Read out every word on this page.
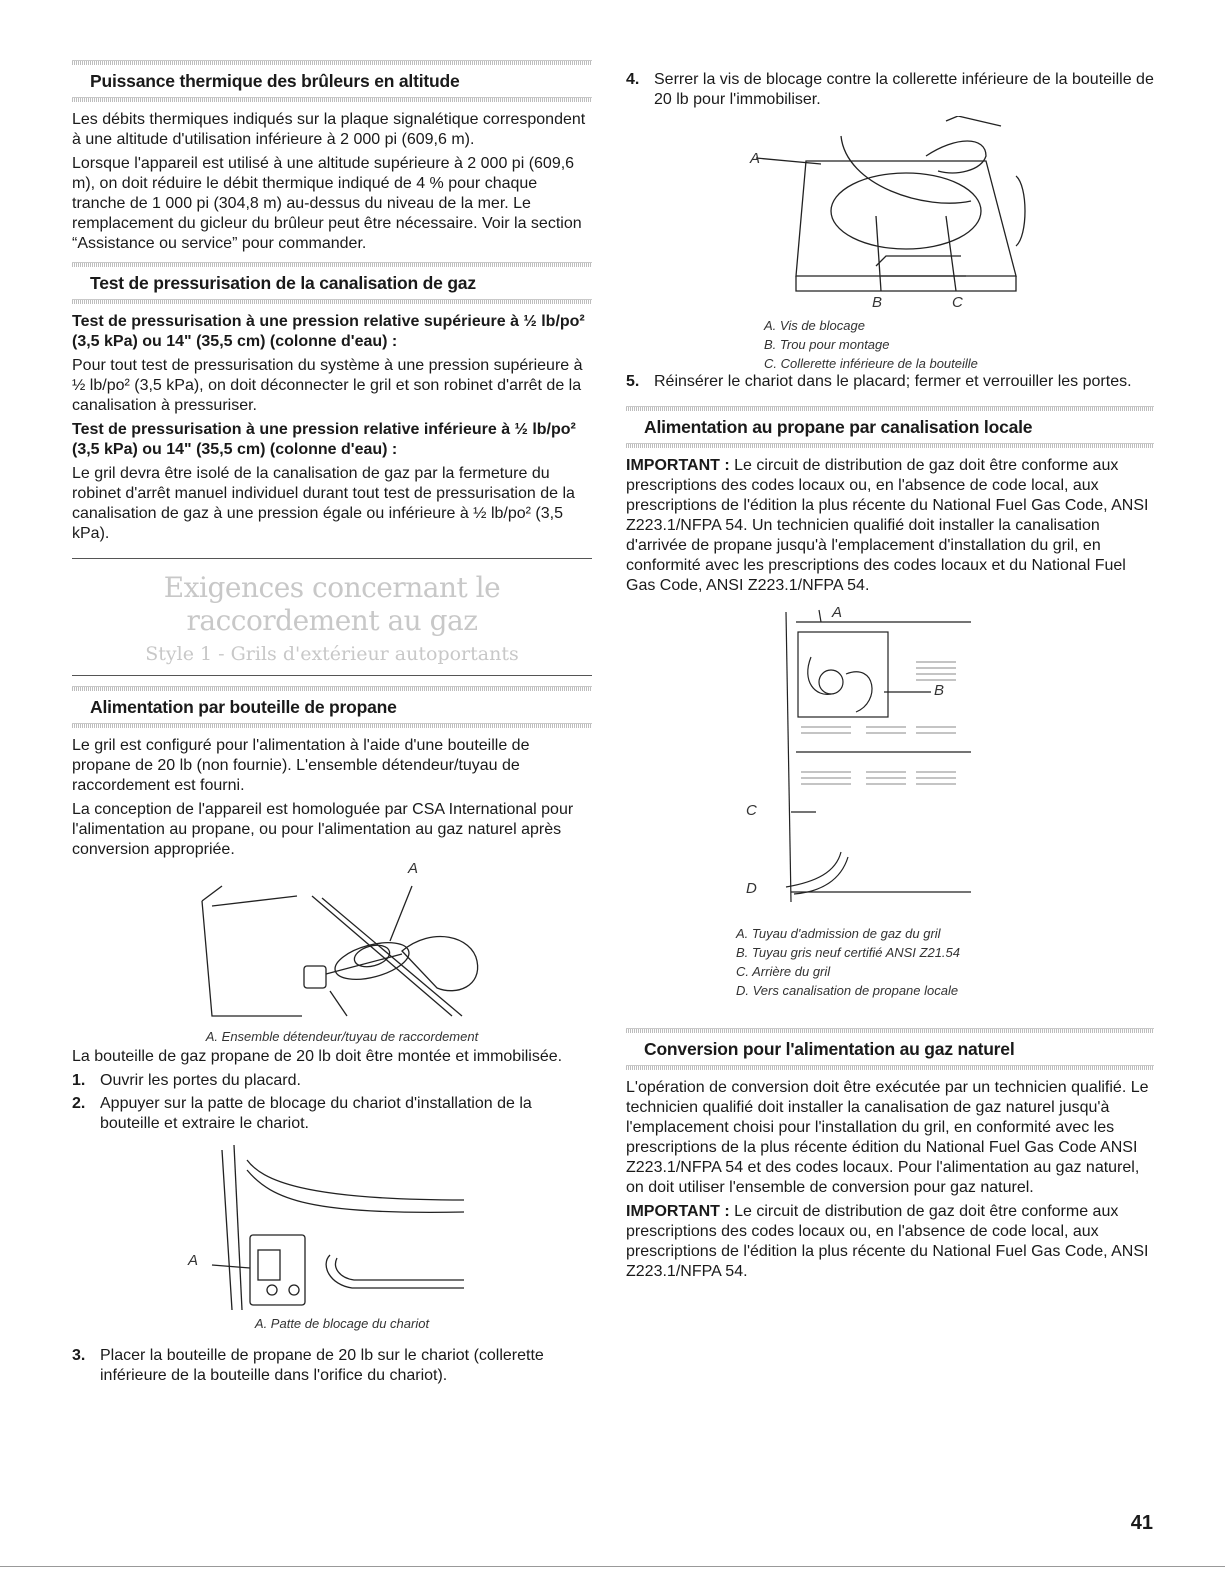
Puissance thermique des brûleurs en altitude

Les débits thermiques indiqués sur la plaque signalétique correspondent à une altitude d'utilisation inférieure à 2 000 pi (609,6 m).

Lorsque l'appareil est utilisé à une altitude supérieure à 2 000 pi (609,6 m), on doit réduire le débit thermique indiqué de 4 % pour chaque tranche de 1 000 pi (304,8 m) au-dessus du niveau de la mer. Le remplacement du gicleur du brûleur peut être nécessaire. Voir la section “Assistance ou service” pour commander.

Test de pressurisation de la canalisation de gaz

Test de pressurisation à une pression relative supérieure à ½ lb/po² (3,5 kPa) ou 14" (35,5 cm) (colonne d'eau) :

Pour tout test de pressurisation du système à une pression supérieure à ½ lb/po² (3,5 kPa), on doit déconnecter le gril et son robinet d'arrêt de la canalisation à pressuriser.

Test de pressurisation à une pression relative inférieure à ½ lb/po² (3,5 kPa) ou 14" (35,5 cm) (colonne d'eau) :

Le gril devra être isolé de la canalisation de gaz par la fermeture du robinet d'arrêt manuel individuel durant tout test de pressurisation de la canalisation de gaz à une pression égale ou inférieure à ½ lb/po² (3,5 kPa).

Exigences concernant le raccordement au gaz
Style 1 - Grils d'extérieur autoportants
Alimentation par bouteille de propane

Le gril est configuré pour l'alimentation à l'aide d'une bouteille de propane de 20 lb (non fournie). L'ensemble détendeur/tuyau de raccordement est fourni.

La conception de l'appareil est homologuée par CSA International pour l'alimentation au propane, ou pour l'alimentation au gaz naturel après conversion appropriée.

A
A. Ensemble détendeur/tuyau de raccordement

La bouteille de gaz propane de 20 lb doit être montée et immobilisée.

1. Ouvrir les portes du placard.
2. Appuyer sur la patte de blocage du chariot d'installation de la bouteille et extraire le chariot.
A
A. Patte de blocage du chariot
3. Placer la bouteille de propane de 20 lb sur le chariot (collerette inférieure de la bouteille dans l'orifice du chariot).
4. Serrer la vis de blocage contre la collerette inférieure de la bouteille de 20 lb pour l'immobiliser.
A
B	C
A. Vis de blocage
B. Trou pour montage
C. Collerette inférieure de la bouteille
5. Réinsérer le chariot dans le placard; fermer et verrouiller les portes.
Alimentation au propane par canalisation locale

IMPORTANT : Le circuit de distribution de gaz doit être conforme aux prescriptions des codes locaux ou, en l'absence de code local, aux prescriptions de l'édition la plus récente du National Fuel Gas Code, ANSI Z223.1/NFPA 54. Un technicien qualifié doit installer la canalisation d'arrivée de propane jusqu'à l'emplacement d'installation du gril, en conformité avec les prescriptions des codes locaux et du National Fuel Gas Code, ANSI Z223.1/NFPA 54.

A
B
C
D
A. Tuyau d'admission de gaz du gril
B. Tuyau gris neuf certifié ANSI Z21.54
C. Arrière du gril
D. Vers canalisation de propane locale
Conversion pour l'alimentation au gaz naturel

L'opération de conversion doit être exécutée par un technicien qualifié. Le technicien qualifié doit installer la canalisation de gaz naturel jusqu'à l'emplacement choisi pour l'installation du gril, en conformité avec les prescriptions de la plus récente édition du National Fuel Gas Code ANSI Z223.1/NFPA 54 et des codes locaux. Pour l'alimentation au gaz naturel, on doit utiliser l'ensemble de conversion pour gaz naturel.

IMPORTANT : Le circuit de distribution de gaz doit être conforme aux prescriptions des codes locaux ou, en l'absence de code local, aux prescriptions de l'édition la plus récente du National Fuel Gas Code, ANSI Z223.1/NFPA 54.

41
